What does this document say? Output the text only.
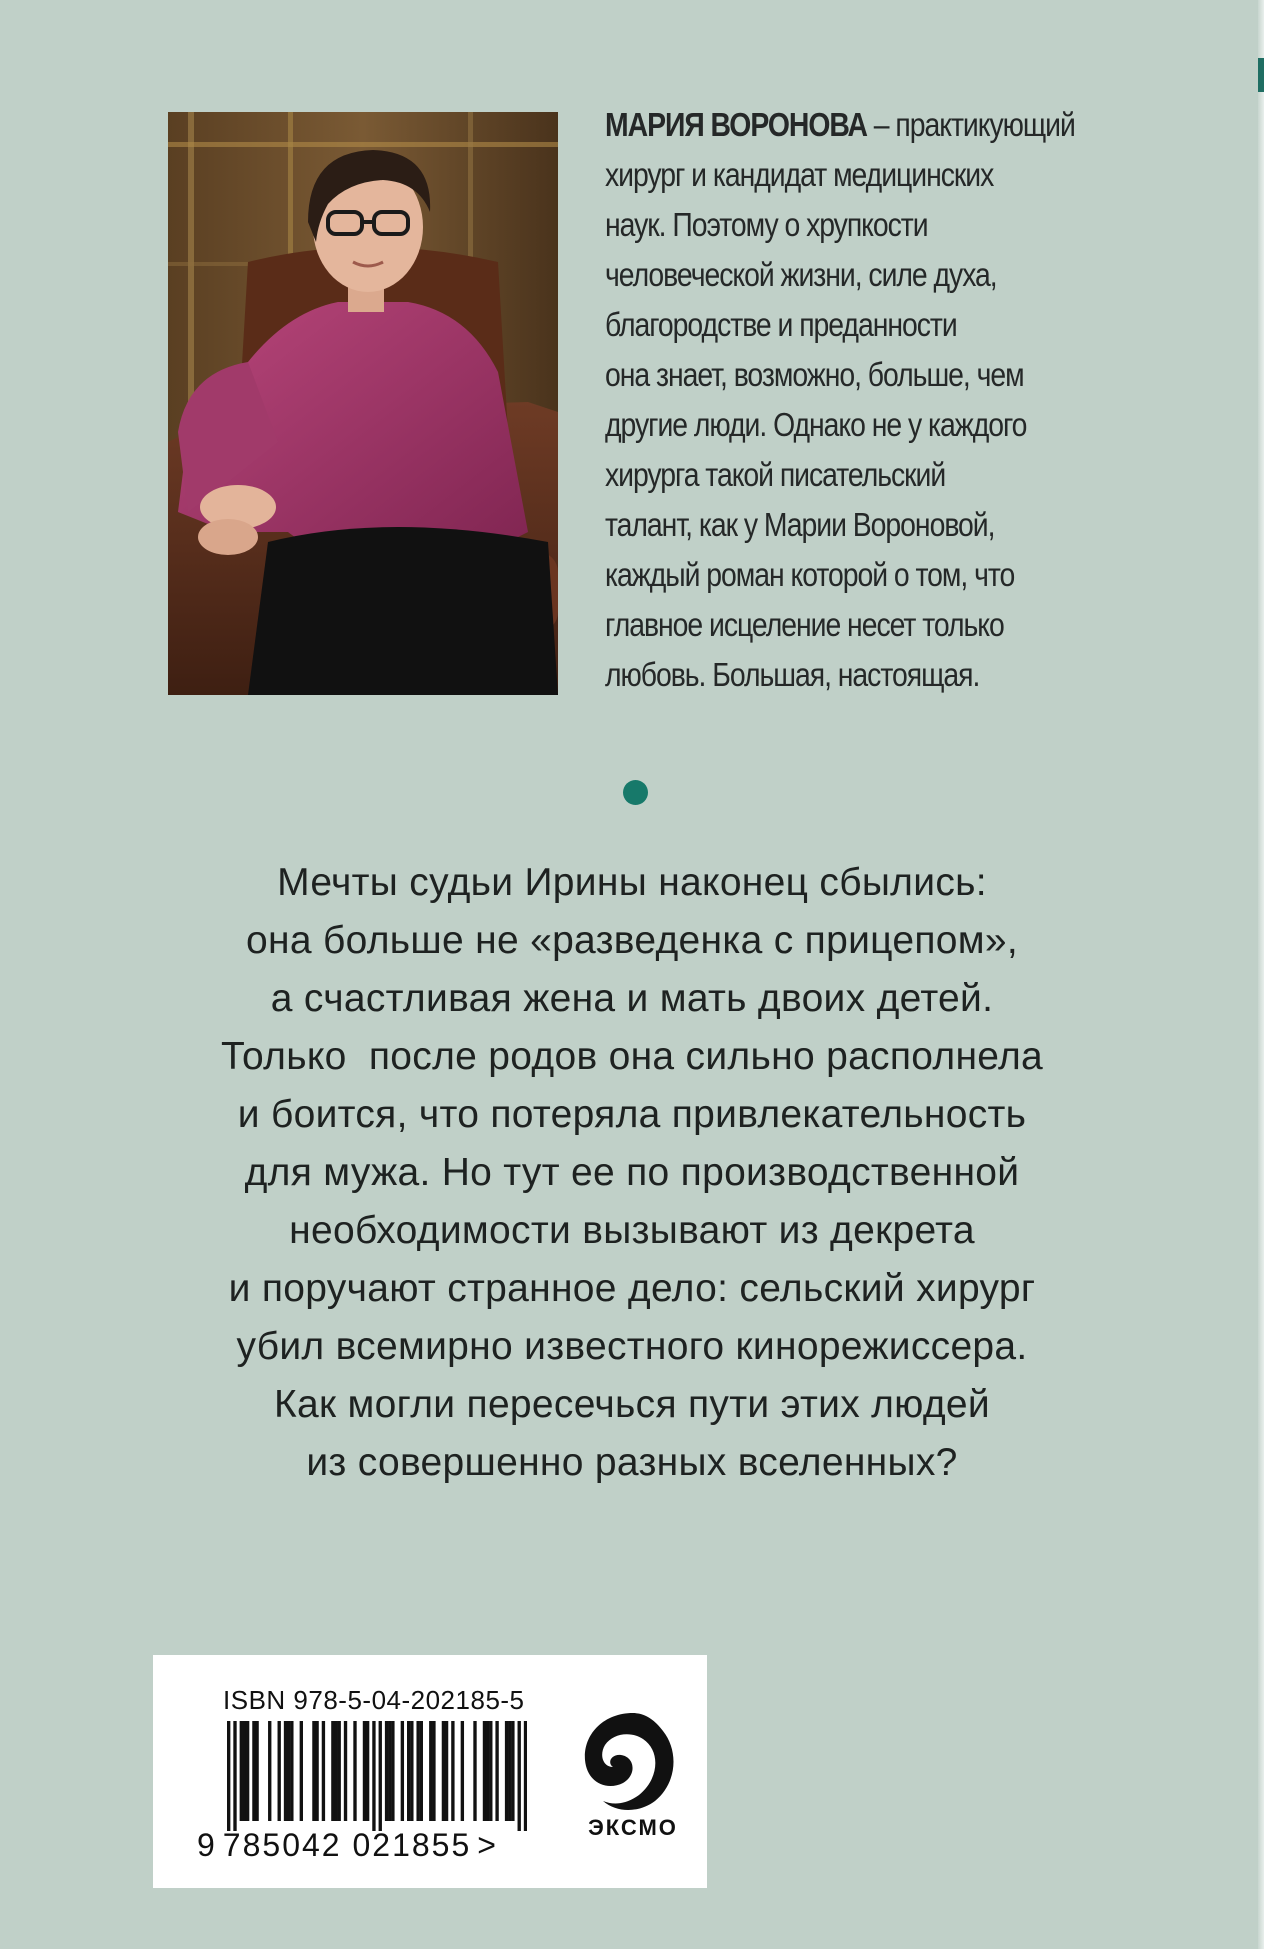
МАРИЯ ВОРОНОВА – практикующий
хирург и кандидат медицинских
наук. Поэтому о хрупкости
человеческой жизни, силе духа,
благородстве и преданности
она знает, возможно, больше, чем
другие люди. Однако не у каждого
хирурга такой писательский
талант, как у Марии Вороновой,
каждый роман которой о том, что
главное исцеление несет только
любовь. Большая, настоящая.
Мечты судьи Ирины наконец сбылись:
она больше не «разведенка с прицепом»,
а счастливая жена и мать двоих детей.
Только  после родов она сильно располнела
и боится, что потеряла привлекательность
для мужа. Но тут ее по производственной
необходимости вызывают из декрета
и поручают странное дело: сельский хирург
убил всемирно известного кинорежиссера.
Как могли пересечься пути этих людей
из совершенно разных вселенных?
ISBN 978-5-04-202185-5
9 785042 021855 >	ЭКСМО
